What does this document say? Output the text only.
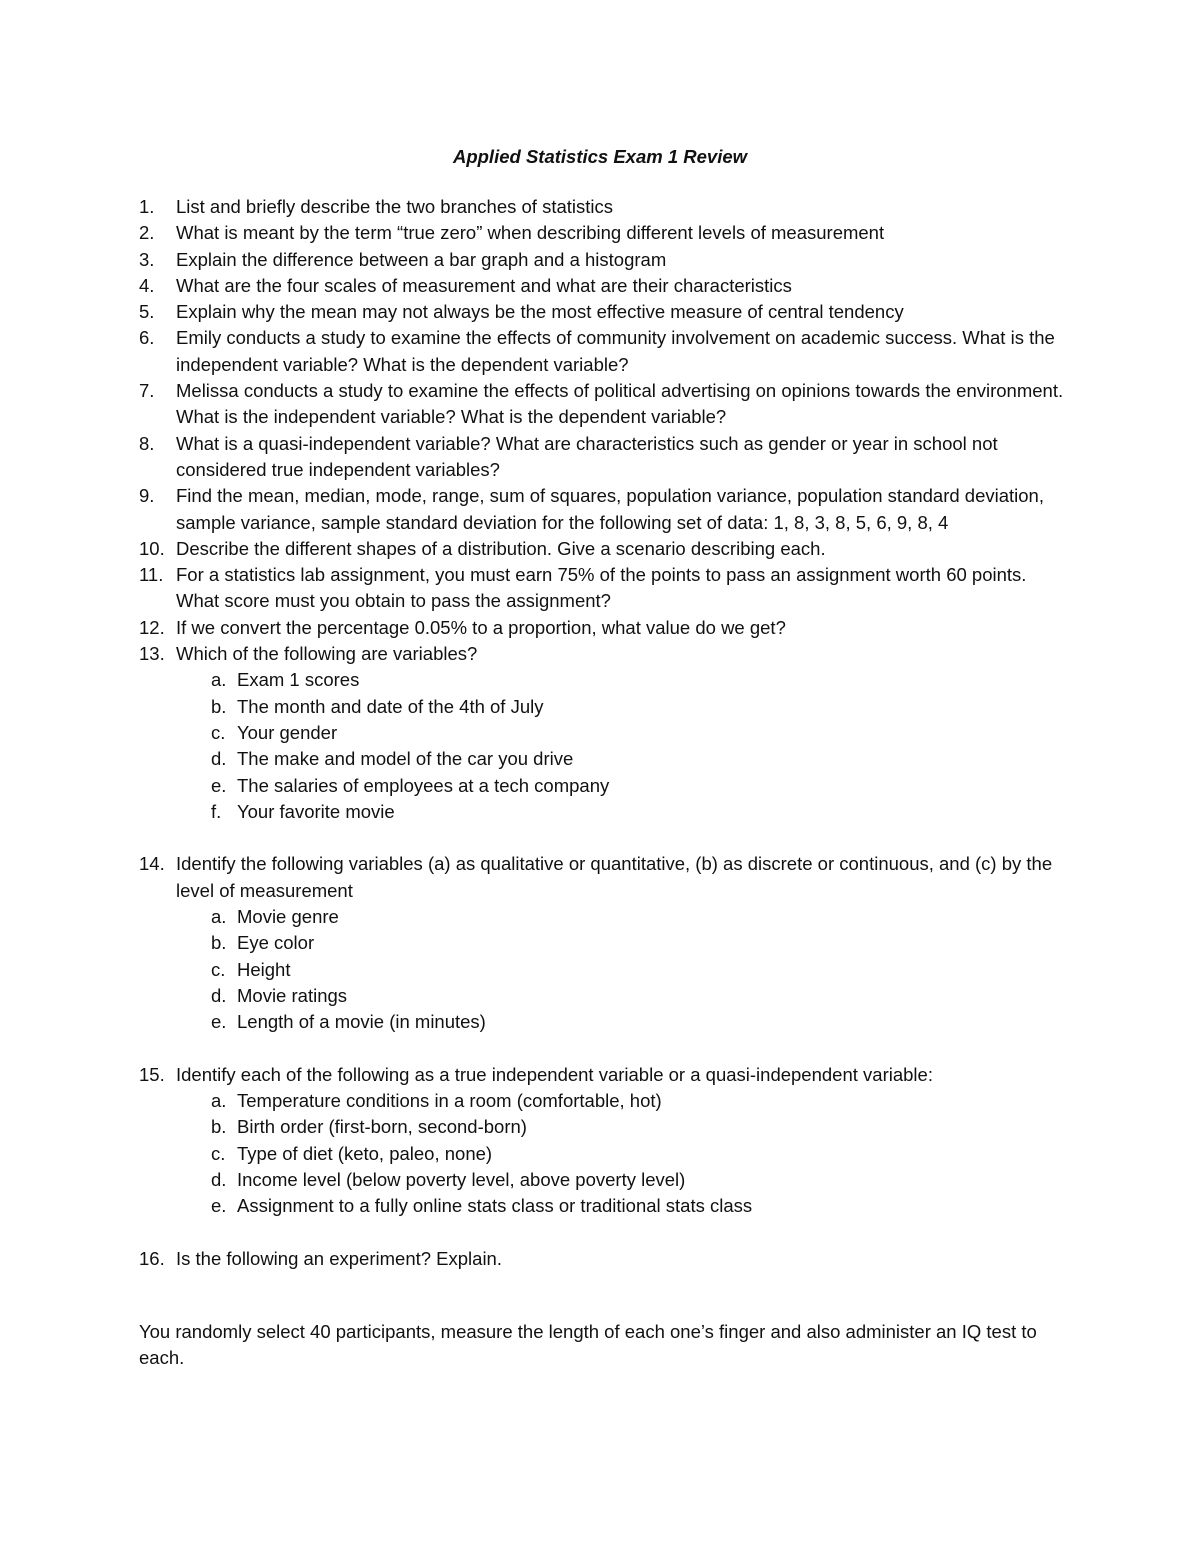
Applied Statistics Exam 1 Review
1.	List and briefly describe the two branches of statistics
2.	What is meant by the term “true zero” when describing different levels of measurement
3.	Explain the difference between a bar graph and a histogram
4.	What are the four scales of measurement and what are their characteristics
5.	Explain why the mean may not always be the most effective measure of central tendency
6.	Emily conducts a study to examine the effects of community involvement on academic success. What is the independent variable? What is the dependent variable?
7.	Melissa conducts a study to examine the effects of political advertising on opinions towards the environment. What is the independent variable? What is the dependent variable?
8.	What is a quasi-independent variable? What are characteristics such as gender or year in school not considered true independent variables?
9.	Find the mean, median, mode, range, sum of squares, population variance, population standard deviation, sample variance, sample standard deviation for the following set of data: 1, 8, 3, 8, 5, 6, 9, 8, 4
10. Describe the different shapes of a distribution. Give a scenario describing each.
11. For a statistics lab assignment, you must earn 75% of the points to pass an assignment worth 60 points. What score must you obtain to pass the assignment?
12. If we convert the percentage 0.05% to a proportion, what value do we get?
13. Which of the following are variables?
a. Exam 1 scores
b. The month and date of the 4th of July
c. Your gender
d. The make and model of the car you drive
e. The salaries of employees at a tech company
f. Your favorite movie
14. Identify the following variables (a) as qualitative or quantitative, (b) as discrete or continuous, and (c) by the level of measurement
a. Movie genre
b. Eye color
c. Height
d. Movie ratings
e. Length of a movie (in minutes)
15. Identify each of the following as a true independent variable or a quasi-independent variable:
a. Temperature conditions in a room (comfortable, hot)
b. Birth order (first-born, second-born)
c. Type of diet (keto, paleo, none)
d. Income level (below poverty level, above poverty level)
e. Assignment to a fully online stats class or traditional stats class
16. Is the following an experiment? Explain.
You randomly select 40 participants, measure the length of each one’s finger and also administer an IQ test to each.
